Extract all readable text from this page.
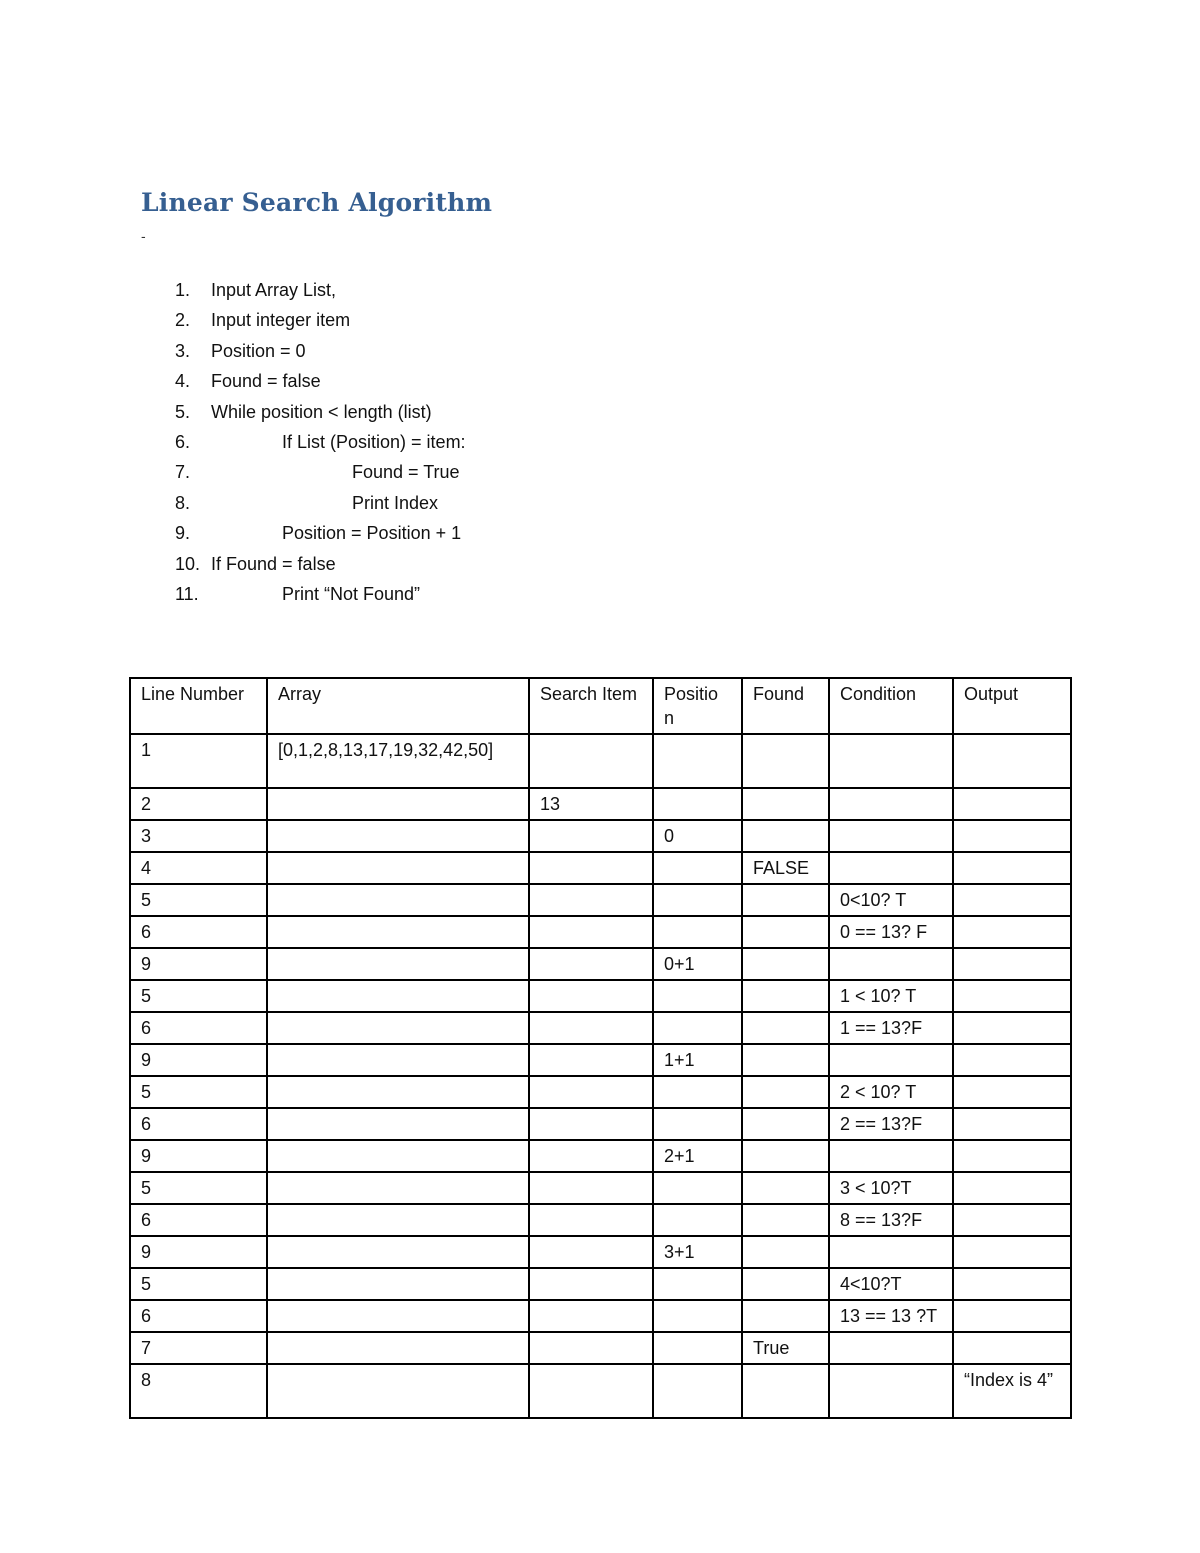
Linear Search Algorithm
-
1. Input Array List,
2. Input integer item
3. Position = 0
4. Found = false
5. While position < length (list)
6.	If List (Position) = item:
7.	Found = True
8.	Print Index
9.	Position = Position + 1
10. If Found = false
11.	Print “Not Found”
Line Number	Array	Search Item	Positio n	Found	Condition	Output
1	[0,1,2,8,13,17,19,32,42,50]					
2		13				
3			0			
4				FALSE		
5					0<10? T	
6					0 == 13? F	
9			0+1			
5					1 < 10? T	
6					1 == 13?F	
9			1+1			
5					2 < 10? T	
6					2 == 13?F	
9			2+1			
5					3 < 10?T	
6					8 == 13?F	
9			3+1			
5					4<10?T	
6					13 == 13 ?T	
7				True		
8						“Index is 4”
